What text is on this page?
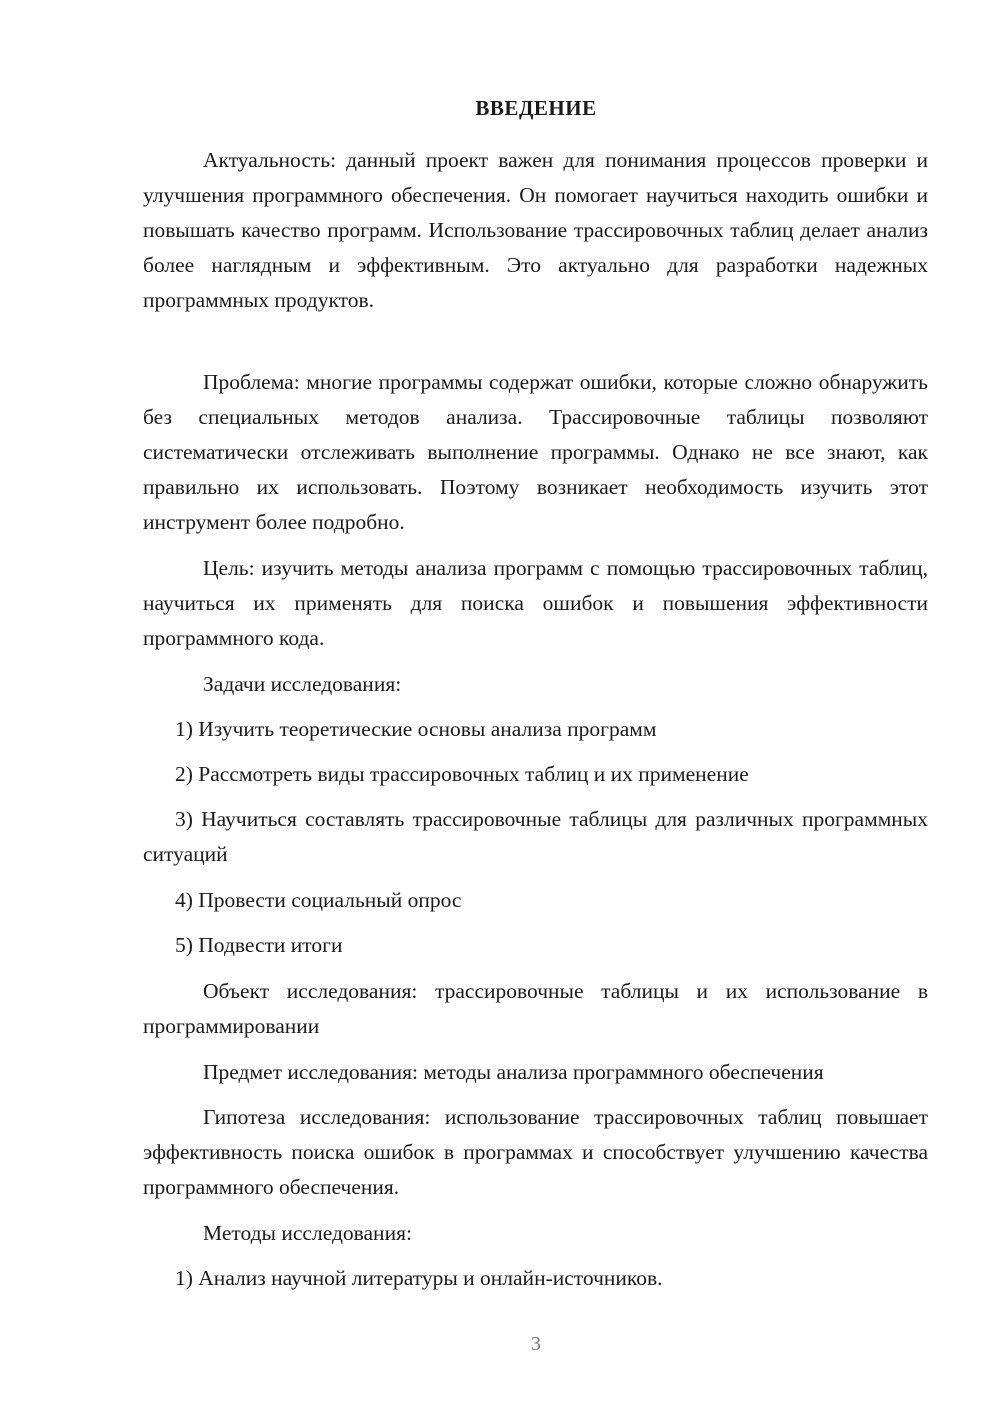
ВВЕДЕНИЕ

Актуальность: данный проект важен для понимания процессов проверки и улучшения программного обеспечения. Он помогает научиться находить ошибки и повышать качество программ. Использование трассировочных таблиц делает анализ более наглядным и эффективным. Это актуально для разработки надежных программных продуктов.

Проблема: многие программы содержат ошибки, которые сложно обнаружить без специальных методов анализа. Трассировочные таблицы позволяют систематически отслеживать выполнение программы. Однако не все знают, как правильно их использовать. Поэтому возникает необходимость изучить этот инструмент более подробно.

Цель: изучить методы анализа программ с помощью трассировочных таблиц, научиться их применять для поиска ошибок и повышения эффективности программного кода.

Задачи исследования:

1) Изучить теоретические основы анализа программ

2) Рассмотреть виды трассировочных таблиц и их применение

3) Научиться составлять трассировочные таблицы для различных программных ситуаций

4) Провести социальный опрос

5) Подвести итоги

Объект исследования: трассировочные таблицы и их использование в программировании

Предмет исследования: методы анализа программного обеспечения

Гипотеза исследования: использование трассировочных таблиц повышает эффективность поиска ошибок в программах и способствует улучшению качества программного обеспечения.

Методы исследования:

1) Анализ научной литературы и онлайн-источников.

3
